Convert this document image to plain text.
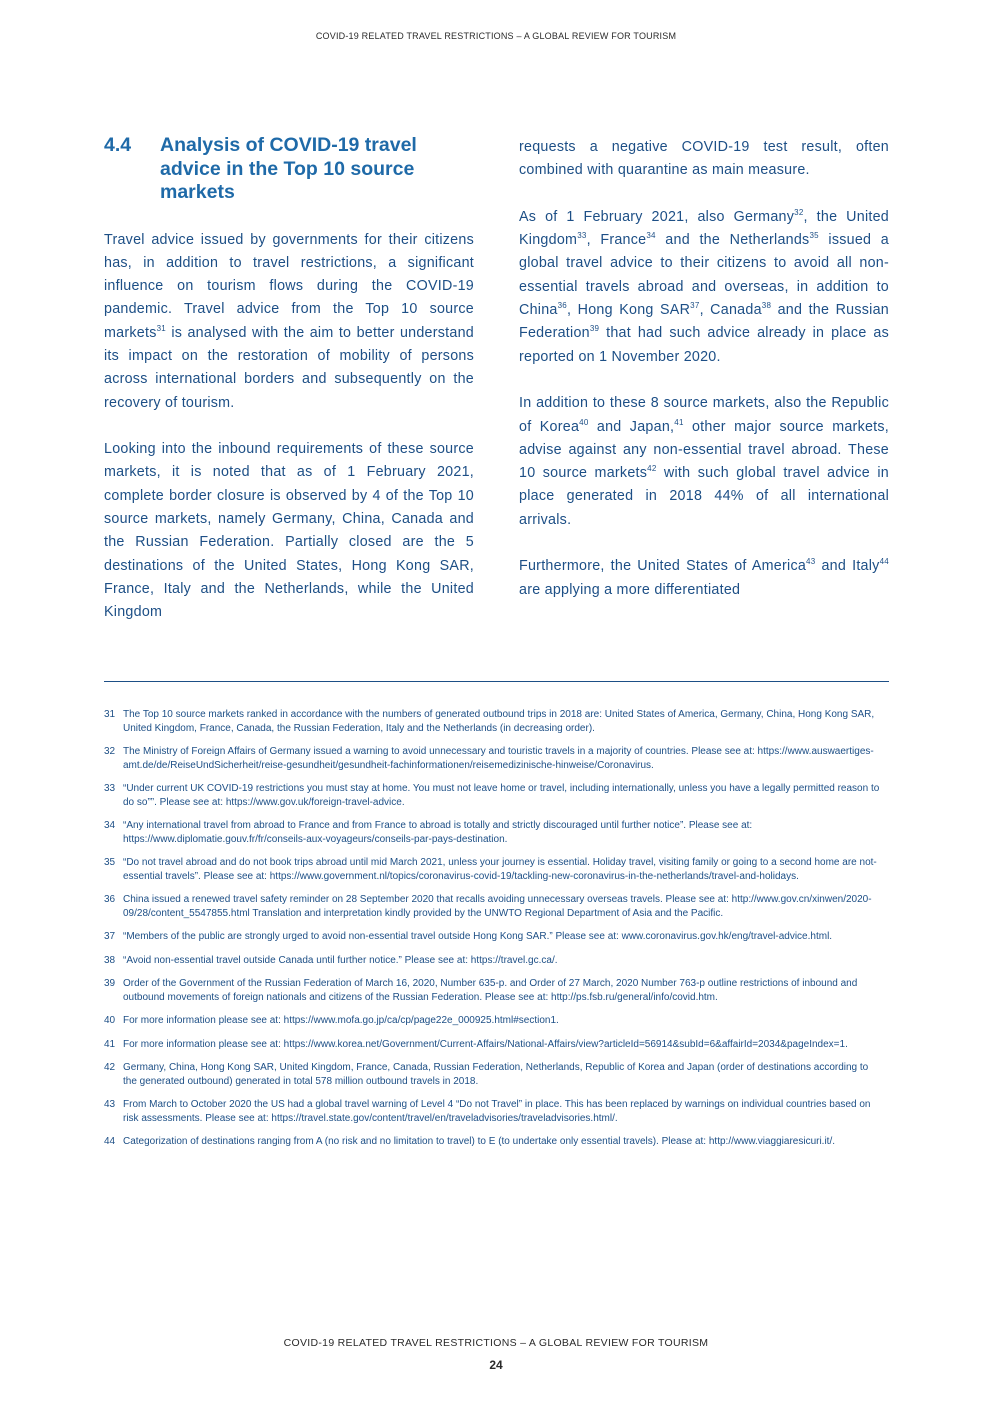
COVID-19 RELATED TRAVEL RESTRICTIONS – A GLOBAL REVIEW FOR TOURISM
4.4	Analysis of COVID-19 travel advice in the Top 10 source markets

Travel advice issued by governments for their citizens has, in addition to travel restrictions, a significant influence on tourism flows during the COVID-19 pandemic. Travel advice from the Top 10 source markets$^{31}$ is analysed with the aim to better understand its impact on the restoration of mobility of persons across international borders and subsequently on the recovery of tourism.

Looking into the inbound requirements of these source markets, it is noted that as of 1 February 2021, complete border closure is observed by 4 of the Top 10 source markets, namely Germany, China, Canada and the Russian Federation. Partially closed are the 5 destinations of the United States, Hong Kong SAR, France, Italy and the Netherlands, while the United Kingdom

requests a negative COVID-19 test result, often combined with quarantine as main measure.

As of 1 February 2021, also Germany$^{32}$, the United Kingdom$^{33}$, France$^{34}$ and the Netherlands$^{35}$ issued a global travel advice to their citizens to avoid all non-essential travels abroad and overseas, in addition to China$^{36}$, Hong Kong SAR$^{37}$, Canada$^{38}$ and the Russian Federation$^{39}$ that had such advice already in place as reported on 1 November 2020.

In addition to these 8 source markets, also the Republic of Korea$^{40}$ and Japan,$^{41}$ other major source markets, advise against any non-essential travel abroad. These 10 source markets$^{42}$ with such global travel advice in place generated in 2018 44% of all international arrivals.

Furthermore, the United States of America$^{43}$ and Italy$^{44}$ are applying a more differentiated

31 The Top 10 source markets ranked in accordance with the numbers of generated outbound trips in 2018 are: United States of America, Germany, China, Hong Kong SAR, United Kingdom, France, Canada, the Russian Federation, Italy and the Netherlands (in decreasing order).
32 The Ministry of Foreign Affairs of Germany issued a warning to avoid unnecessary and touristic travels in a majority of countries. Please see at: https://www.auswaertiges-amt.de/de/ReiseUndSicherheit/reise-gesundheit/gesundheit-fachinformationen/reisemedizinische-hinweise/Coronavirus.
33 “Under current UK COVID-19 restrictions you must stay at home. You must not leave home or travel, including internationally, unless you have a legally permitted reason to do so””. Please see at: https://www.gov.uk/foreign-travel-advice.
34 “Any international travel from abroad to France and from France to abroad is totally and strictly discouraged until further notice”. Please see at: https://www.diplomatie.gouv.fr/fr/conseils-aux-voyageurs/conseils-par-pays-destination.
35 “Do not travel abroad and do not book trips abroad until mid March 2021, unless your journey is essential. Holiday travel, visiting family or going to a second home are not-essential travels”. Please see at: https://www.government.nl/topics/coronavirus-covid-19/tackling-new-coronavirus-in-the-netherlands/travel-and-holidays.
36 China issued a renewed travel safety reminder on 28 September 2020 that recalls avoiding unnecessary overseas travels. Please see at: http://www.gov.cn/xinwen/2020-09/28/content_5547855.html Translation and interpretation kindly provided by the UNWTO Regional Department of Asia and the Pacific.
37 “Members of the public are strongly urged to avoid non-essential travel outside Hong Kong SAR.” Please see at: www.coronavirus.gov.hk/eng/travel-advice.html.
38 “Avoid non-essential travel outside Canada until further notice.” Please see at: https://travel.gc.ca/.
39 Order of the Government of the Russian Federation of March 16, 2020, Number 635-p. and Order of 27 March, 2020 Number 763-p outline restrictions of inbound and outbound movements of foreign nationals and citizens of the Russian Federation. Please see at: http://ps.fsb.ru/general/info/covid.htm.
40 For more information please see at: https://www.mofa.go.jp/ca/cp/page22e_000925.html#section1.
41 For more information please see at: https://www.korea.net/Government/Current-Affairs/National-Affairs/view?articleId=56914&subId=6&affairId=2034&pageIndex=1.
42 Germany, China, Hong Kong SAR, United Kingdom, France, Canada, Russian Federation, Netherlands, Republic of Korea and Japan (order of destinations according to the generated outbound) generated in total 578 million outbound travels in 2018.
43 From March to October 2020 the US had a global travel warning of Level 4 “Do not Travel” in place. This has been replaced by warnings on individual countries based on risk assessments. Please see at: https://travel.state.gov/content/travel/en/traveladvisories/traveladvisories.html/.
44 Categorization of destinations ranging from A (no risk and no limitation to travel) to E (to undertake only essential travels). Please at: http://www.viaggiaresicuri.it/.
COVID-19 RELATED TRAVEL RESTRICTIONS – A GLOBAL REVIEW FOR TOURISM
24
